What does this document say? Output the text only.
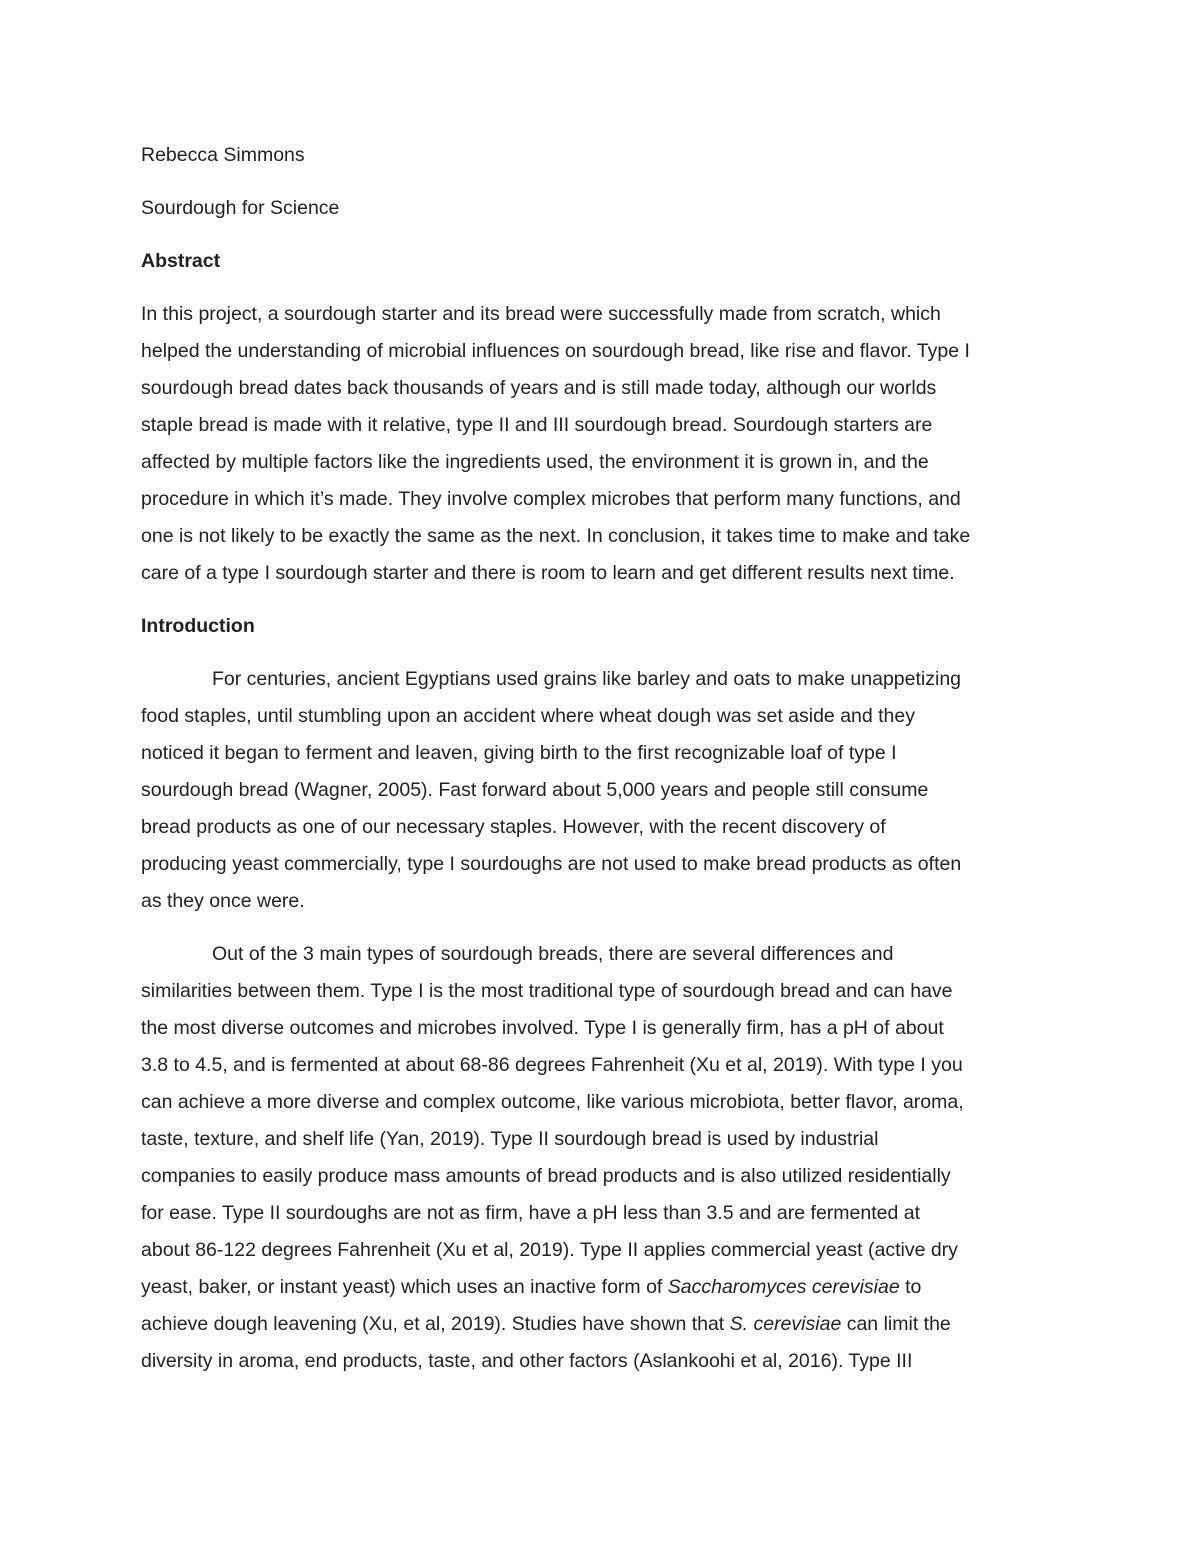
Rebecca Simmons
Sourdough for Science
Abstract
In this project, a sourdough starter and its bread were successfully made from scratch, which
helped the understanding of microbial influences on sourdough bread, like rise and flavor. Type I
sourdough bread dates back thousands of years and is still made today, although our worlds
staple bread is made with it relative, type II and III sourdough bread. Sourdough starters are
affected by multiple factors like the ingredients used, the environment it is grown in, and the
procedure in which it’s made. They involve complex microbes that perform many functions, and
one is not likely to be exactly the same as the next. In conclusion, it takes time to make and take
care of a type I sourdough starter and there is room to learn and get different results next time.
Introduction
For centuries, ancient Egyptians used grains like barley and oats to make unappetizing
food staples, until stumbling upon an accident where wheat dough was set aside and they
noticed it began to ferment and leaven, giving birth to the first recognizable loaf of type I
sourdough bread (Wagner, 2005). Fast forward about 5,000 years and people still consume
bread products as one of our necessary staples. However, with the recent discovery of
producing yeast commercially, type I sourdoughs are not used to make bread products as often
as they once were.
Out of the 3 main types of sourdough breads, there are several differences and
similarities between them. Type I is the most traditional type of sourdough bread and can have
the most diverse outcomes and microbes involved. Type I is generally firm, has a pH of about
3.8 to 4.5, and is fermented at about 68-86 degrees Fahrenheit (Xu et al, 2019). With type I you
can achieve a more diverse and complex outcome, like various microbiota, better flavor, aroma,
taste, texture, and shelf life (Yan, 2019). Type II sourdough bread is used by industrial
companies to easily produce mass amounts of bread products and is also utilized residentially
for ease. Type II sourdoughs are not as firm, have a pH less than 3.5 and are fermented at
about 86-122 degrees Fahrenheit (Xu et al, 2019). Type II applies commercial yeast (active dry
yeast, baker, or instant yeast) which uses an inactive form of Saccharomyces cerevisiae to
achieve dough leavening (Xu, et al, 2019). Studies have shown that S. cerevisiae can limit the
diversity in aroma, end products, taste, and other factors (Aslankoohi et al, 2016). Type III
